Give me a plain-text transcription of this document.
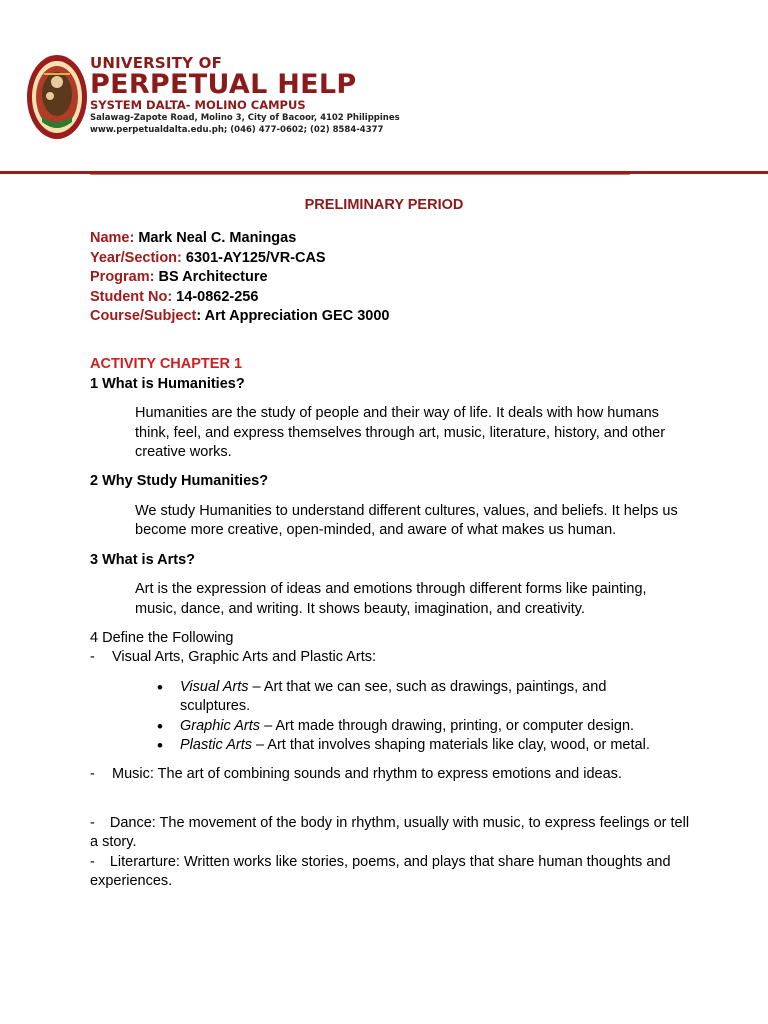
UNIVERSITY OF
PERPETUAL HELP
SYSTEM DALTA- MOLINO CAMPUS
Salawag-Zapote Road, Molino 3, City of Bacoor, 4102 Philippines
www.perpetualdalta.edu.ph; (046) 477-0602; (02) 8584-4377
PRELIMINARY PERIOD
Name: Mark Neal C. Maningas
Year/Section: 6301-AY125/VR-CAS
Program: BS Architecture
Student No: 14-0862-256
Course/Subject: Art Appreciation GEC 3000
ACTIVITY CHAPTER 1
1 What is Humanities?
Humanities are the study of people and their way of life. It deals with how humans think, feel, and express themselves through art, music, literature, history, and other creative works.
2 Why Study Humanities?
We study Humanities to understand different cultures, values, and beliefs. It helps us become more creative, open-minded, and aware of what makes us human.
3 What is Arts?
Art is the expression of ideas and emotions through different forms like painting, music, dance, and writing. It shows beauty, imagination, and creativity.
4 Define the Following
-	Visual Arts, Graphic Arts and Plastic Arts:
• Visual Arts – Art that we can see, such as drawings, paintings, and sculptures.
• Graphic Arts – Art made through drawing, printing, or computer design.
• Plastic Arts – Art that involves shaping materials like clay, wood, or metal.
-	Music: The art of combining sounds and rhythm to express emotions and ideas.
- Dance: The movement of the body in rhythm, usually with music, to express feelings or tell a story.
- Literarture: Written works like stories, poems, and plays that share human thoughts and experiences.
